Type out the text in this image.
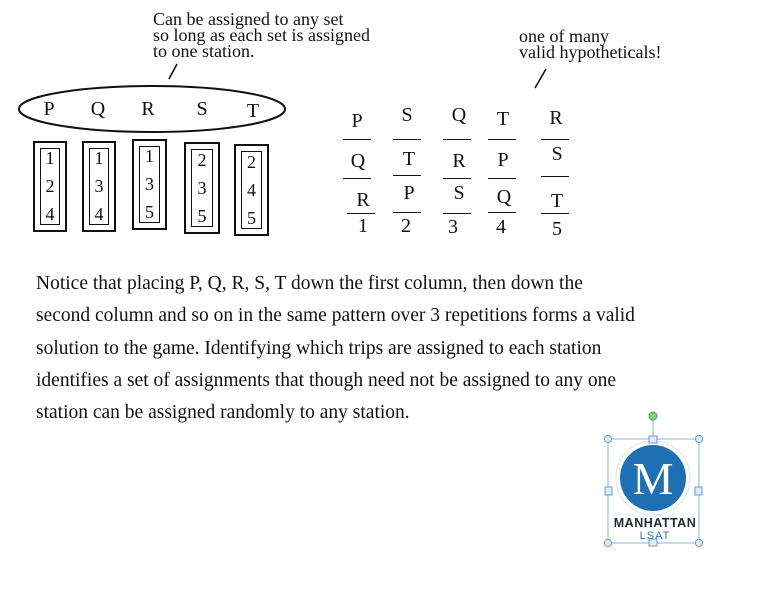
Can be assigned to any set
so long as each set is assigned
to one station.
one of many
valid hypotheticals!
P Q R S T
1
2
4
1
3
4
1
3
5
2
3
5
2
4
5
P
Q
R
1
S
T
P
2
Q
R
S
3
T
P
Q
4
R
S
T
5
Notice that placing P, Q, R, S, T down the first column, then down the second column and so on in the same pattern over 3 repetitions forms a valid solution to the game. Identifying which trips are assigned to each station identifies a set of assignments that though need not be assigned to any one station can be assigned randomly to any station.
M
MANHATTAN
LSAT
